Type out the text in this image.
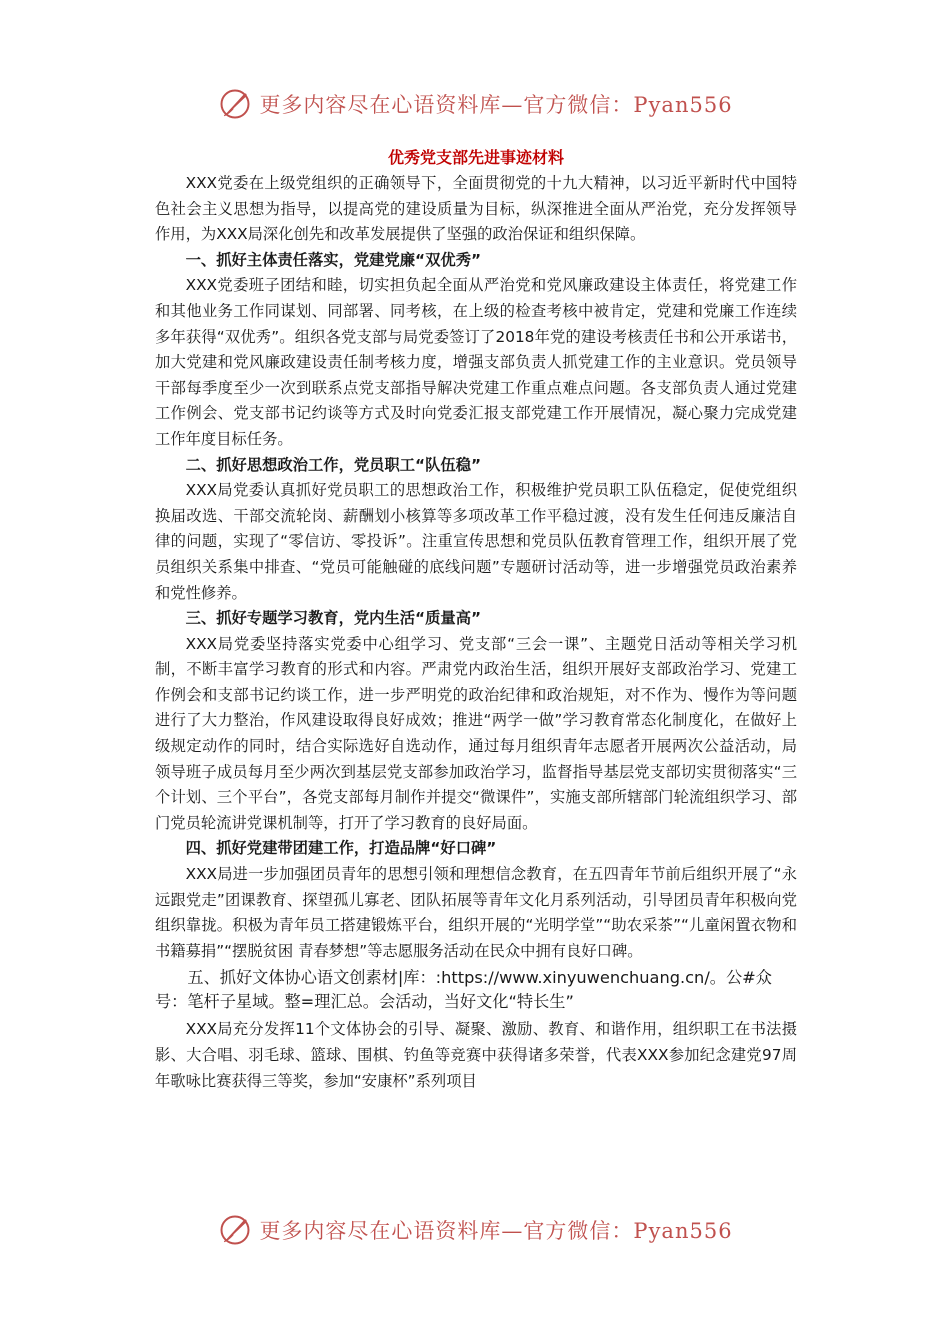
更多内容尽在心语资料库—官方微信：Pyan556
优秀党支部先进事迹材料

XXX党委在上级党组织的正确领导下，全面贯彻党的十九大精神，以习近平新时代中国特色社会主义思想为指导，以提高党的建设质量为目标，纵深推进全面从严治党，充分发挥领导作用，为XXX局深化创先和改革发展提供了坚强的政治保证和组织保障。

一、抓好主体责任落实，党建党廉“双优秀”

XXX党委班子团结和睦，切实担负起全面从严治党和党风廉政建设主体责任，将党建工作和其他业务工作同谋划、同部署、同考核，在上级的检查考核中被肯定，党建和党廉工作连续多年获得“双优秀”。组织各党支部与局党委签订了2018年党的建设考核责任书和公开承诺书，加大党建和党风廉政建设责任制考核力度，增强支部负责人抓党建工作的主业意识。党员领导干部每季度至少一次到联系点党支部指导解决党建工作重点难点问题。各支部负责人通过党建工作例会、党支部书记约谈等方式及时向党委汇报支部党建工作开展情况，凝心聚力完成党建工作年度目标任务。

二、抓好思想政治工作，党员职工“队伍稳”

XXX局党委认真抓好党员职工的思想政治工作，积极维护党员职工队伍稳定，促使党组织换届改选、干部交流轮岗、薪酬划小核算等多项改革工作平稳过渡，没有发生任何违反廉洁自律的问题，实现了“零信访、零投诉”。注重宣传思想和党员队伍教育管理工作，组织开展了党员组织关系集中排查、“党员可能触碰的底线问题”专题研讨活动等，进一步增强党员政治素养和党性修养。

三、抓好专题学习教育，党内生活“质量高”

XXX局党委坚持落实党委中心组学习、党支部“三会一课”、主题党日活动等相关学习机制，不断丰富学习教育的形式和内容。严肃党内政治生活，组织开展好支部政治学习、党建工作例会和支部书记约谈工作，进一步严明党的政治纪律和政治规矩，对不作为、慢作为等问题进行了大力整治，作风建设取得良好成效；推进“两学一做”学习教育常态化制度化，在做好上级规定动作的同时，结合实际选好自选动作，通过每月组织青年志愿者开展两次公益活动，局领导班子成员每月至少两次到基层党支部参加政治学习，监督指导基层党支部切实贯彻落实“三个计划、三个平台”，各党支部每月制作并提交“微课件”，实施支部所辖部门轮流组织学习、部门党员轮流讲党课机制等，打开了学习教育的良好局面。

四、抓好党建带团建工作，打造品牌“好口碑”

XXX局进一步加强团员青年的思想引领和理想信念教育，在五四青年节前后组织开展了“永远跟党走”团课教育、探望孤儿寡老、团队拓展等青年文化月系列活动，引导团员青年积极向党组织靠拢。积极为青年员工搭建锻炼平台，组织开展的“光明学堂”“助农采茶”“儿童闲置衣物和书籍募捐”“摆脱贫困 青春梦想”等志愿服务活动在民众中拥有良好口碑。

五、抓好文体协心语文创素材|库：:https://www.xinyuwenchuang.cn/。公#众号：笔杆子星域。整=理汇总。会活动，当好文化“特长生”

XXX局充分发挥11个文体协会的引导、凝聚、激励、教育、和谐作用，组织职工在书法摄影、大合唱、羽毛球、篮球、围棋、钓鱼等竞赛中获得诸多荣誉，代表XXX参加纪念建党97周年歌咏比赛获得三等奖，参加“安康杯”系列项目

更多内容尽在心语资料库—官方微信：Pyan556
